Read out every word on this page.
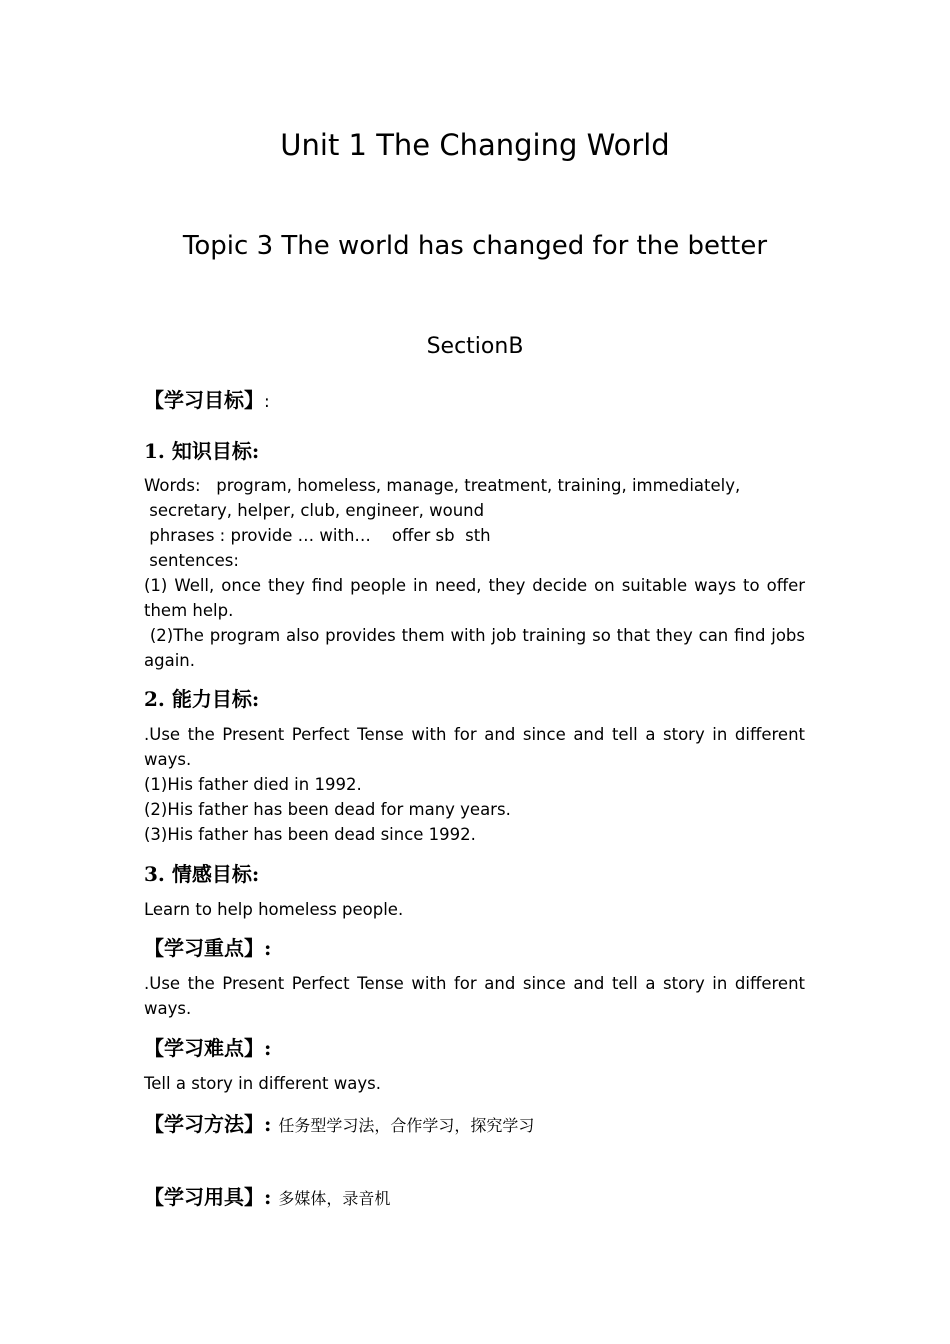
Unit 1 The Changing World
Topic 3 The world has changed for the better
SectionB
【学习目标】:
1. 知识目标:
Words:   program, homeless, manage, treatment, training, immediately,
secretary, helper, club, engineer, wound
phrases : provide … with…    offer sb  sth
sentences:
(1) Well, once they find people in need, they decide on suitable ways to offer them help.
(2)The program also provides them with job training so that they can find jobs again.
2. 能力目标:
.Use the Present Perfect Tense with for and since and tell a story in different ways.
(1)His father died in 1992.
(2)His father has been dead for many years.
(3)His father has been dead since 1992.
3. 情感目标:
Learn to help homeless people.
【学习重点】:
.Use the Present Perfect Tense with for and since and tell a story in different ways.
【学习难点】:
Tell a story in different ways.
【学习方法】: 任务型学习法，合作学习，探究学习
【学习用具】: 多媒体，录音机
